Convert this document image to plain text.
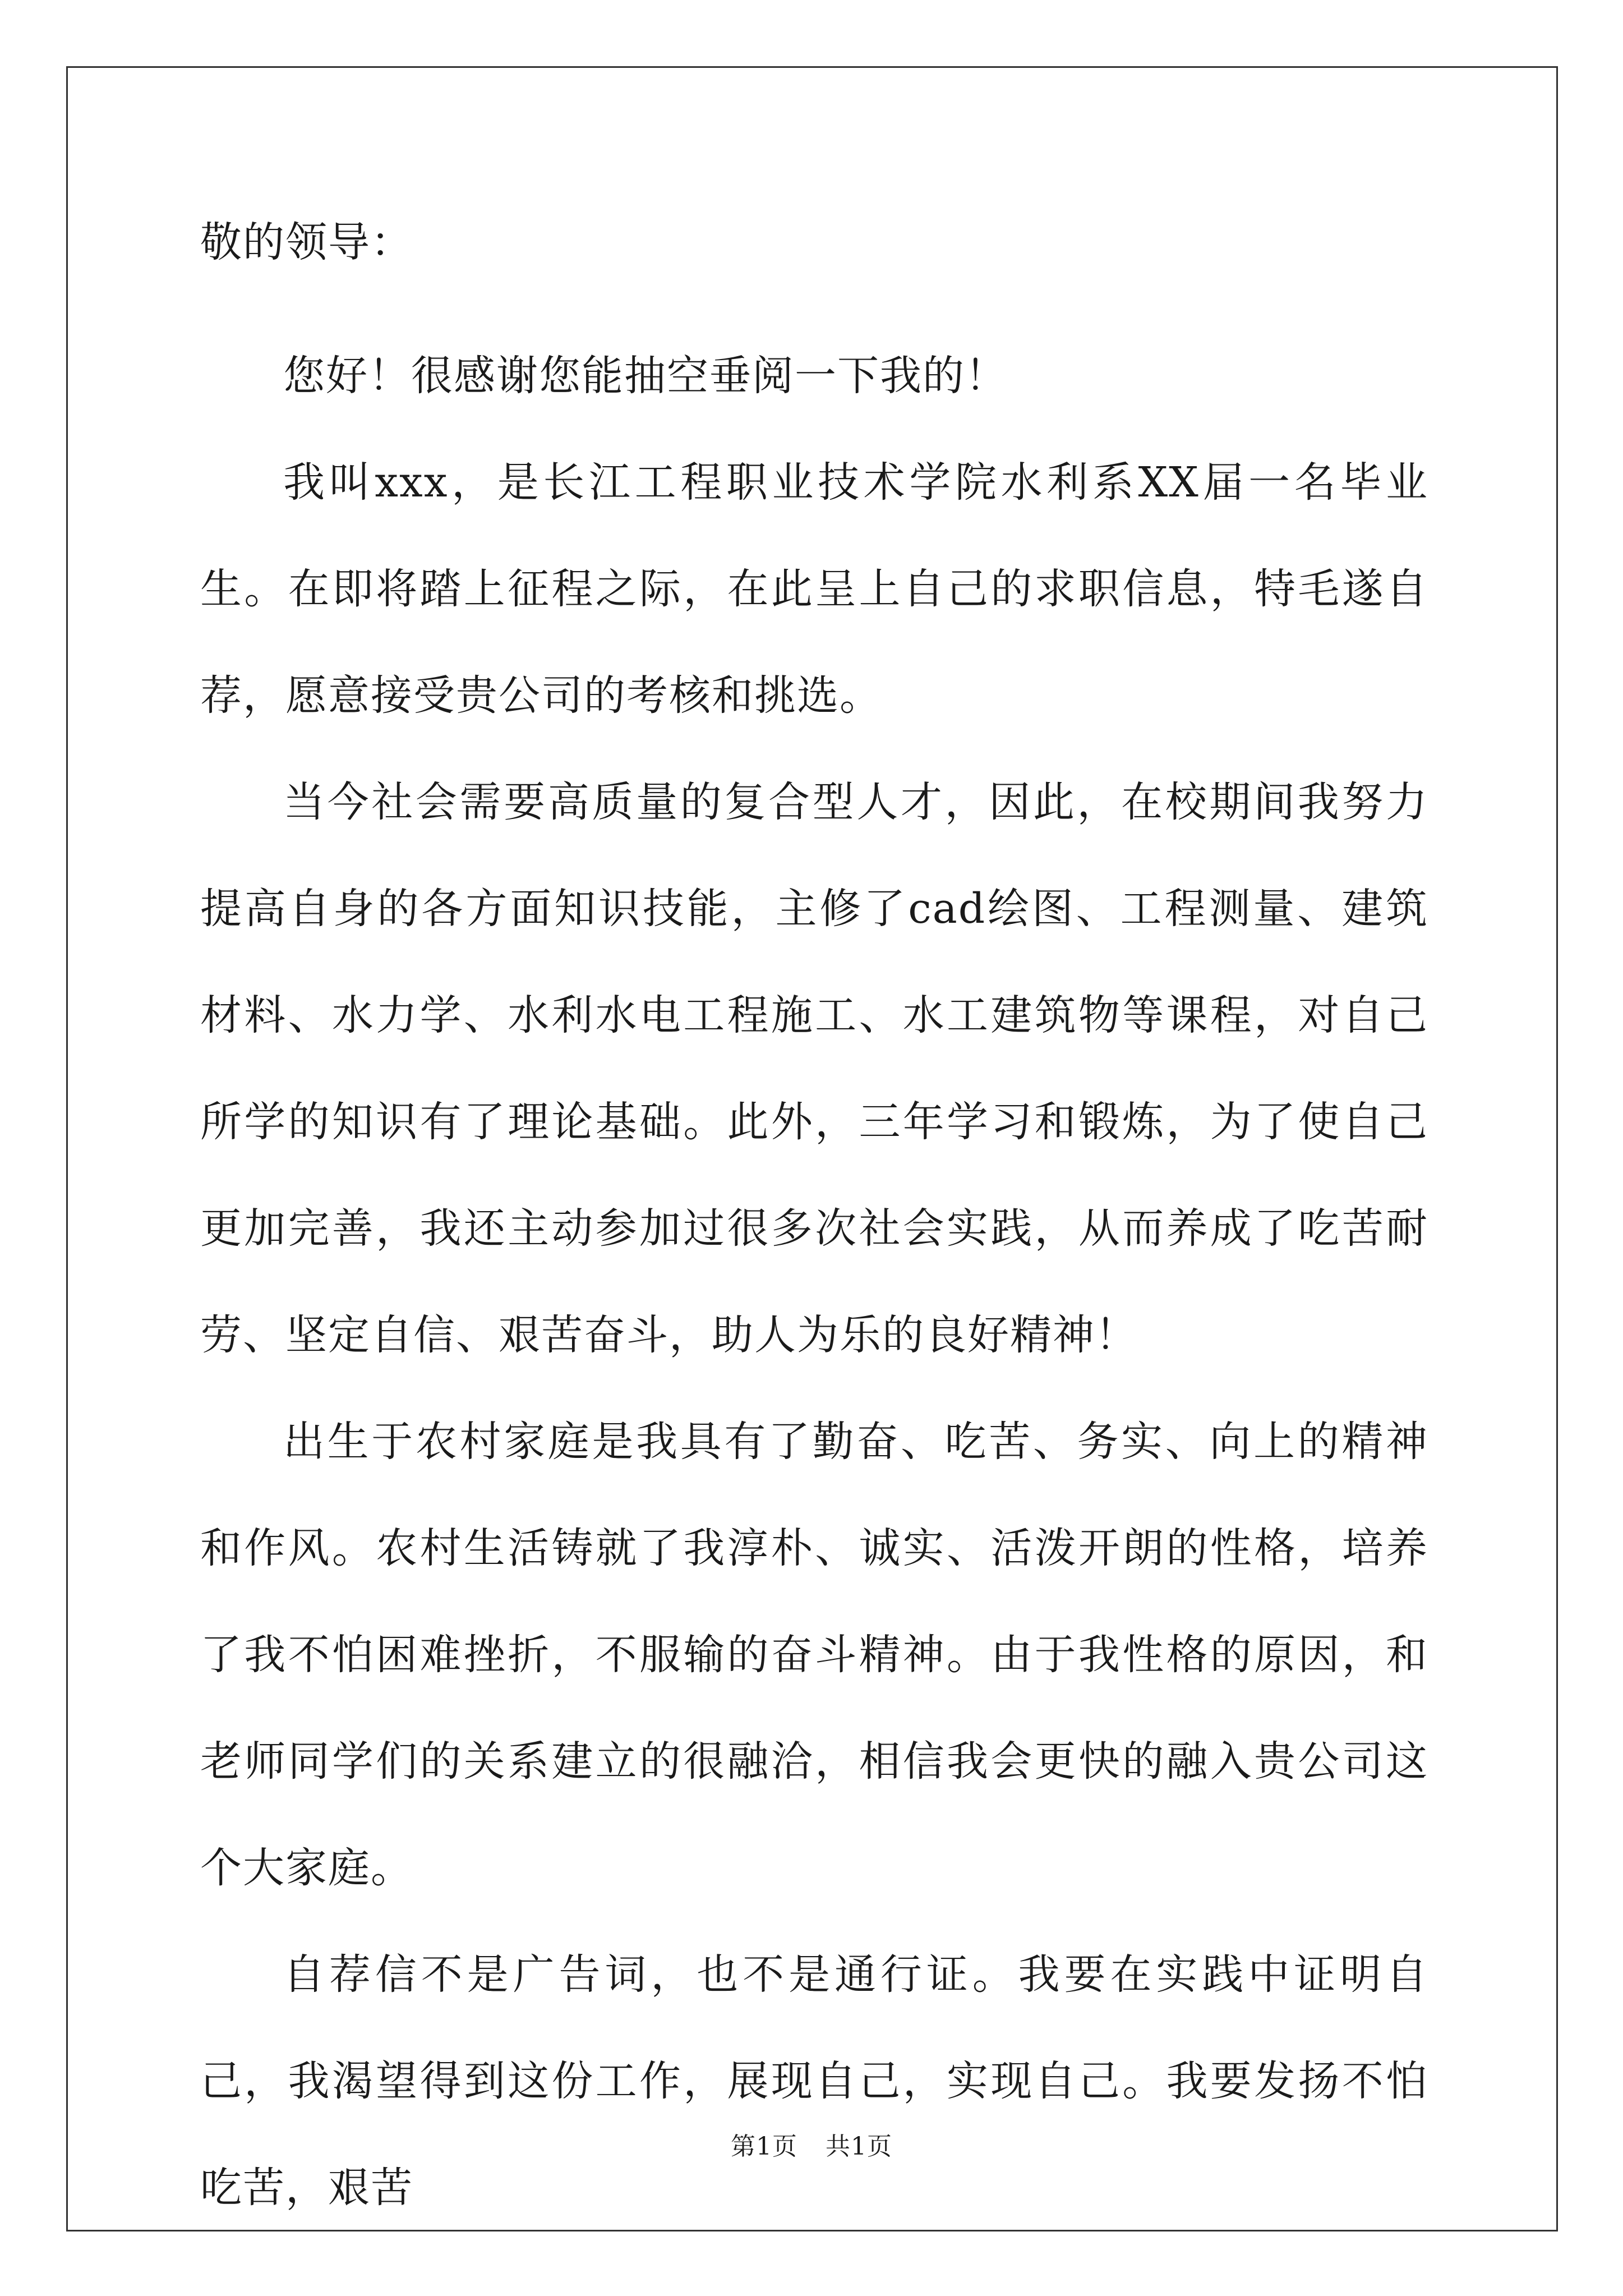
敬的领导：

您好！很感谢您能抽空垂阅一下我的！

我叫xxx，是长江工程职业技术学院水利系XX届一名毕业生。在即将踏上征程之际，在此呈上自己的求职信息，特毛遂自荐，愿意接受贵公司的考核和挑选。

当今社会需要高质量的复合型人才，因此，在校期间我努力提高自身的各方面知识技能，主修了cad绘图、工程测量、建筑材料、水力学、水利水电工程施工、水工建筑物等课程，对自己所学的知识有了理论基础。此外，三年学习和锻炼，为了使自己更加完善，我还主动参加过很多次社会实践，从而养成了吃苦耐劳、坚定自信、艰苦奋斗，助人为乐的良好精神！

出生于农村家庭是我具有了勤奋、吃苦、务实、向上的精神和作风。农村生活铸就了我淳朴、诚实、活泼开朗的性格，培养了我不怕困难挫折，不服输的奋斗精神。由于我性格的原因，和老师同学们的关系建立的很融洽，相信我会更快的融入贵公司这个大家庭。

自荐信不是广告词，也不是通行证。我要在实践中证明自己，我渴望得到这份工作，展现自己，实现自己。我要发扬不怕吃苦，艰苦

第1页 共1页
